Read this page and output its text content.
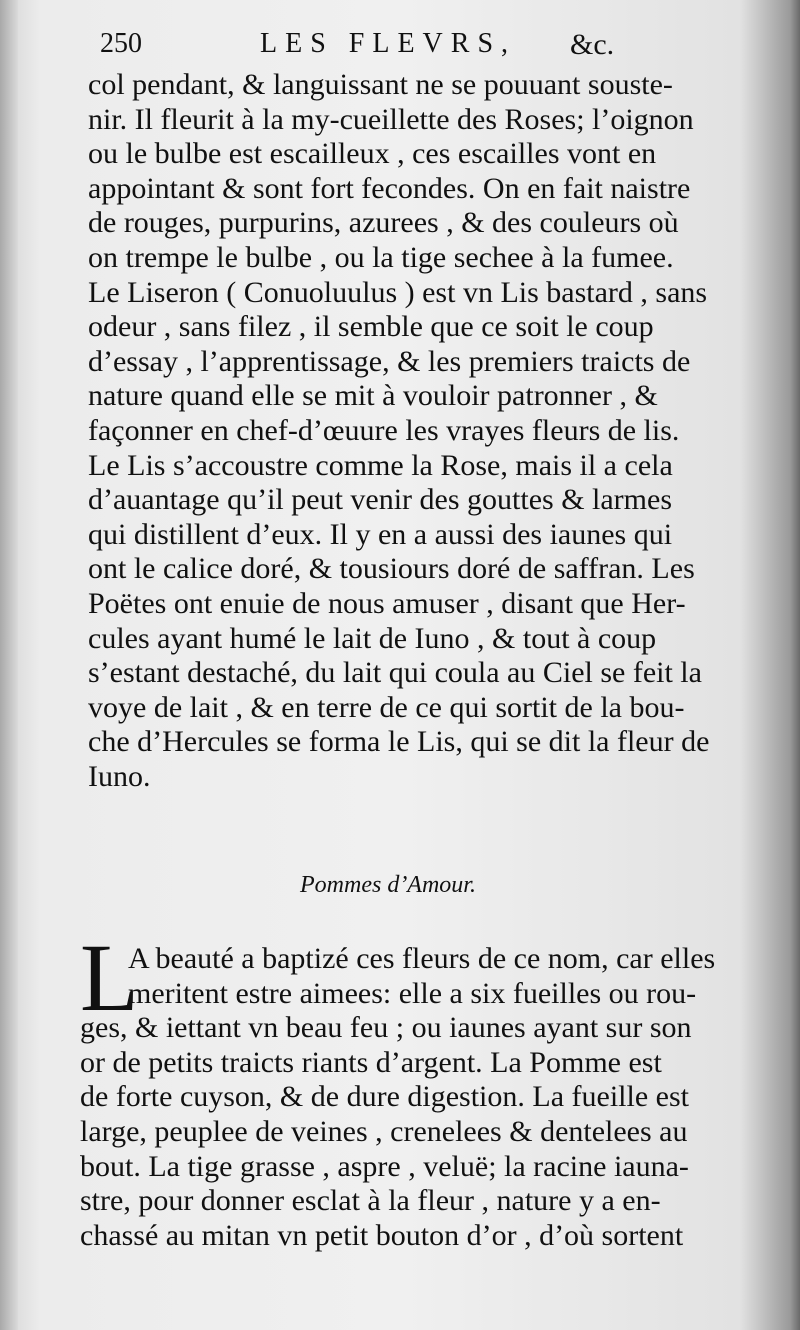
250	LES FLEVRS, &c.
col pendant, & languissant ne se pouuant souste-
nir. Il fleurit à la my-cueillette des Roses; l’oignon
ou le bulbe est escailleux , ces escailles vont en
appointant & sont fort fecondes. On en fait naistre
de rouges, purpurins, azurees , & des couleurs où
on trempe le bulbe , ou la tige sechee à la fumee.
Le Liseron ( Conuoluulus ) est vn Lis bastard , sans
odeur , sans filez , il semble que ce soit le coup
d’essay , l’apprentissage, & les premiers traicts de
nature quand elle se mit à vouloir patronner , &
façonner en chef-d’œuure les vrayes fleurs de lis.
Le Lis s’accoustre comme la Rose, mais il a cela
d’auantage qu’il peut venir des gouttes & larmes
qui distillent d’eux. Il y en a aussi des iaunes qui
ont le calice doré, & tousiours doré de saffran. Les
Poëtes ont enuie de nous amuser , disant que Her-
cules ayant humé le lait de Iuno , & tout à coup
s’estant destaché, du lait qui coula au Ciel se feit la
voye de lait , & en terre de ce qui sortit de la bou-
che d’Hercules se forma le Lis, qui se dit la fleur de
Iuno.
Pommes d’Amour.
L
A beauté a baptizé ces fleurs de ce nom, car elles
meritent estre aimees: elle a six fueilles ou rou-
ges, & iettant vn beau feu ; ou iaunes ayant sur son
or de petits traicts riants d’argent. La Pomme est
de forte cuyson, & de dure digestion. La fueille est
large, peuplee de veines , crenelees & dentelees au
bout. La tige grasse , aspre , veluë; la racine iauna-
stre, pour donner esclat à la fleur , nature y a en-
chassé au mitan vn petit bouton d’or , d’où sortent
